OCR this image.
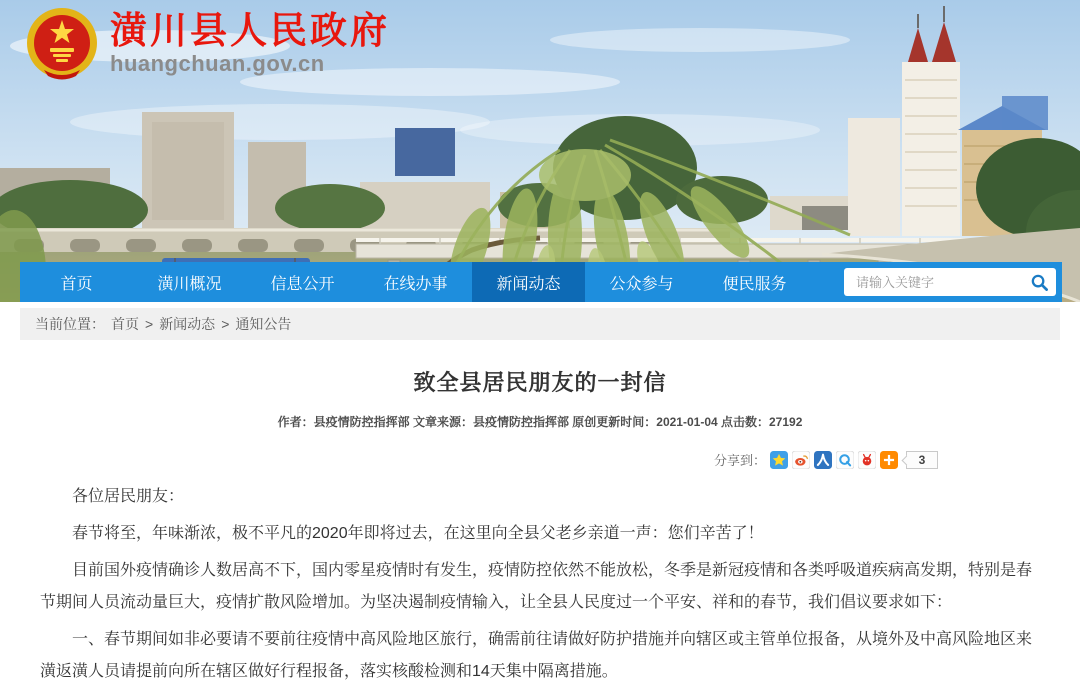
潢川县人民政府
huangchuan.gov.cn
首页	潢川概况	信息公开	在线办事	新闻动态	公众参与	便民服务
请输入关键字
当前位置： 首页 > 新闻动态 > 通知公告
致全县居民朋友的一封信
作者：县疫情防控指挥部 文章来源：县疫情防控指挥部 原创更新时间：2021-01-04 点击数：27192
分享到：	3

各位居民朋友：

春节将至，年味渐浓，极不平凡的2020年即将过去，在这里向全县父老乡亲道一声：您们辛苦了！

目前国外疫情确诊人数居高不下，国内零星疫情时有发生，疫情防控依然不能放松，冬季是新冠疫情和各类呼吸道疾病高发期，特别是春节期间人员流动量巨大，疫情扩散风险增加。为坚决遏制疫情输入，让全县人民度过一个平安、祥和的春节，我们倡议要求如下：

一、春节期间如非必要请不要前往疫情中高风险地区旅行，确需前往请做好防护措施并向辖区或主管单位报备，从境外及中高风险地区来潢返潢人员请提前向所在辖区做好行程报备，落实核酸检测和14天集中隔离措施。
